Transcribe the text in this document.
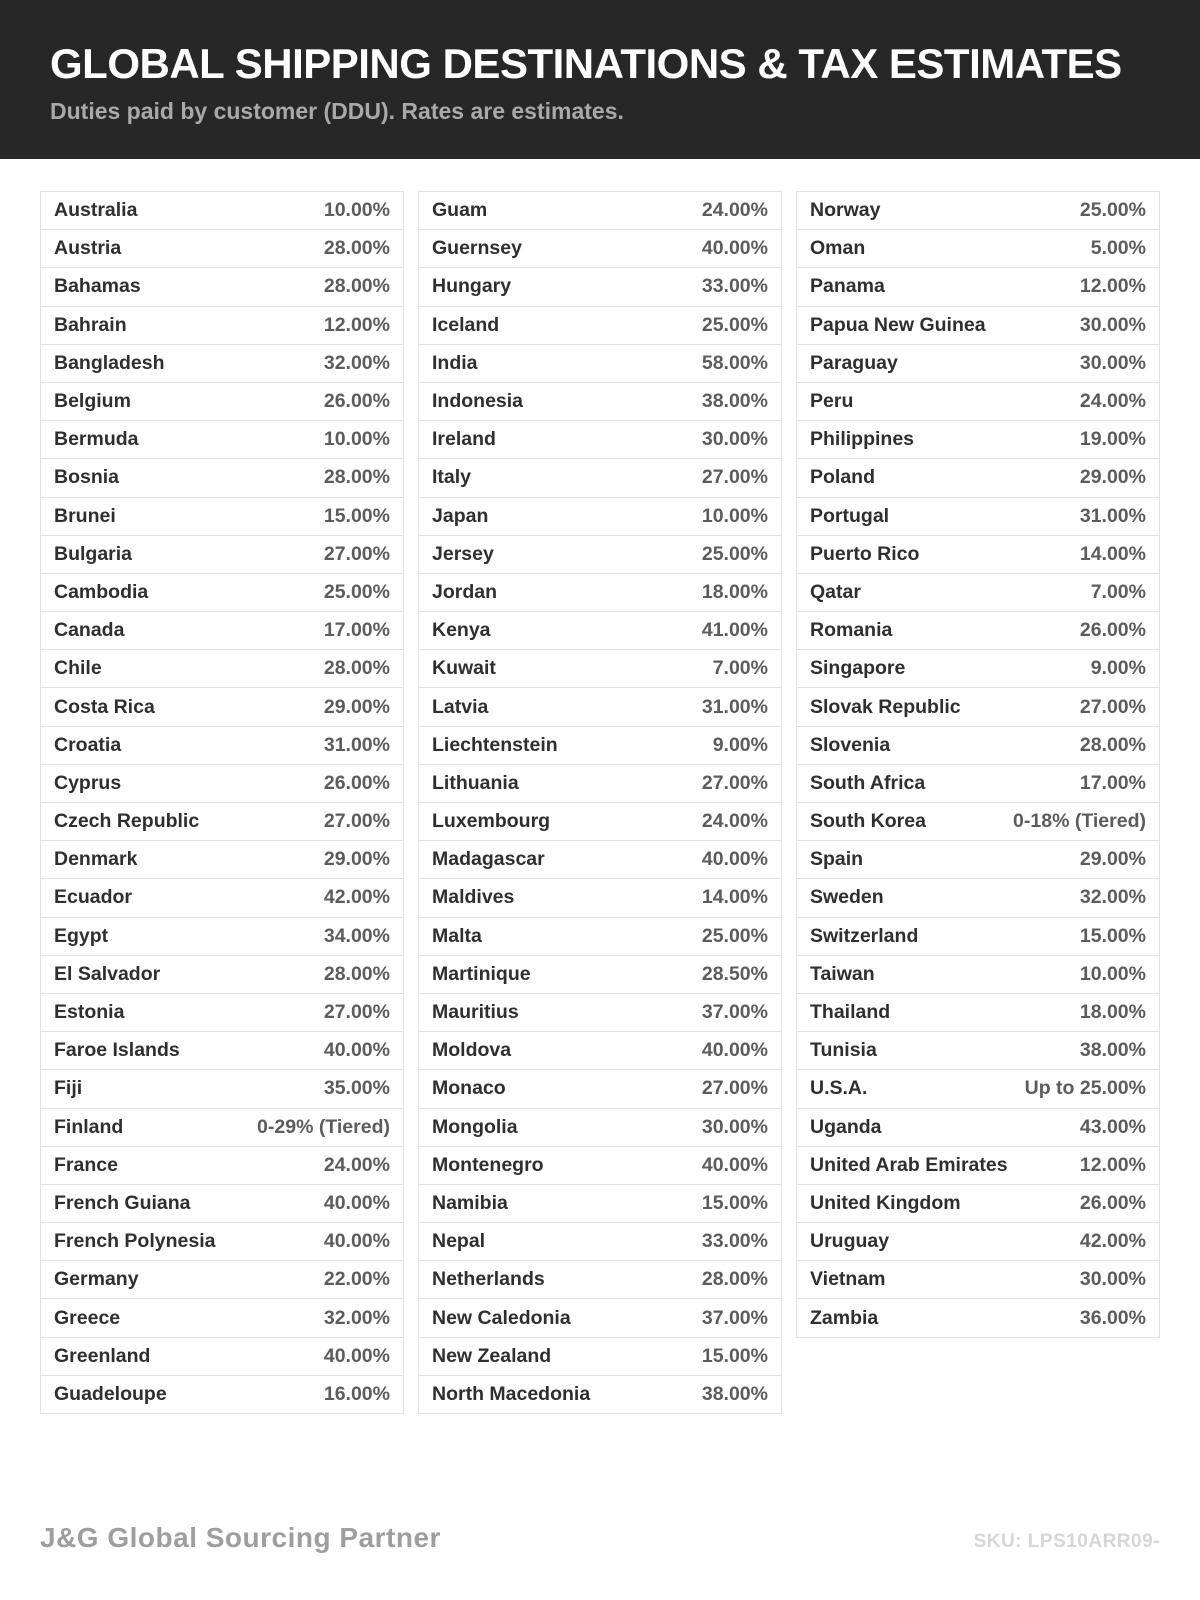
GLOBAL SHIPPING DESTINATIONS & TAX ESTIMATES
Duties paid by customer (DDU). Rates are estimates.
Australia	10.00%
Austria	28.00%
Bahamas	28.00%
Bahrain	12.00%
Bangladesh	32.00%
Belgium	26.00%
Bermuda	10.00%
Bosnia	28.00%
Brunei	15.00%
Bulgaria	27.00%
Cambodia	25.00%
Canada	17.00%
Chile	28.00%
Costa Rica	29.00%
Croatia	31.00%
Cyprus	26.00%
Czech Republic	27.00%
Denmark	29.00%
Ecuador	42.00%
Egypt	34.00%
El Salvador	28.00%
Estonia	27.00%
Faroe Islands	40.00%
Fiji	35.00%
Finland	0-29% (Tiered)
France	24.00%
French Guiana	40.00%
French Polynesia	40.00%
Germany	22.00%
Greece	32.00%
Greenland	40.00%
Guadeloupe	16.00%
Guam	24.00%
Guernsey	40.00%
Hungary	33.00%
Iceland	25.00%
India	58.00%
Indonesia	38.00%
Ireland	30.00%
Italy	27.00%
Japan	10.00%
Jersey	25.00%
Jordan	18.00%
Kenya	41.00%
Kuwait	7.00%
Latvia	31.00%
Liechtenstein	9.00%
Lithuania	27.00%
Luxembourg	24.00%
Madagascar	40.00%
Maldives	14.00%
Malta	25.00%
Martinique	28.50%
Mauritius	37.00%
Moldova	40.00%
Monaco	27.00%
Mongolia	30.00%
Montenegro	40.00%
Namibia	15.00%
Nepal	33.00%
Netherlands	28.00%
New Caledonia	37.00%
New Zealand	15.00%
North Macedonia	38.00%
Norway	25.00%
Oman	5.00%
Panama	12.00%
Papua New Guinea	30.00%
Paraguay	30.00%
Peru	24.00%
Philippines	19.00%
Poland	29.00%
Portugal	31.00%
Puerto Rico	14.00%
Qatar	7.00%
Romania	26.00%
Singapore	9.00%
Slovak Republic	27.00%
Slovenia	28.00%
South Africa	17.00%
South Korea	0-18% (Tiered)
Spain	29.00%
Sweden	32.00%
Switzerland	15.00%
Taiwan	10.00%
Thailand	18.00%
Tunisia	38.00%
U.S.A.	Up to 25.00%
Uganda	43.00%
United Arab Emirates	12.00%
United Kingdom	26.00%
Uruguay	42.00%
Vietnam	30.00%
Zambia	36.00%
J&G Global Sourcing Partner	SKU: LPS10ARR09-
